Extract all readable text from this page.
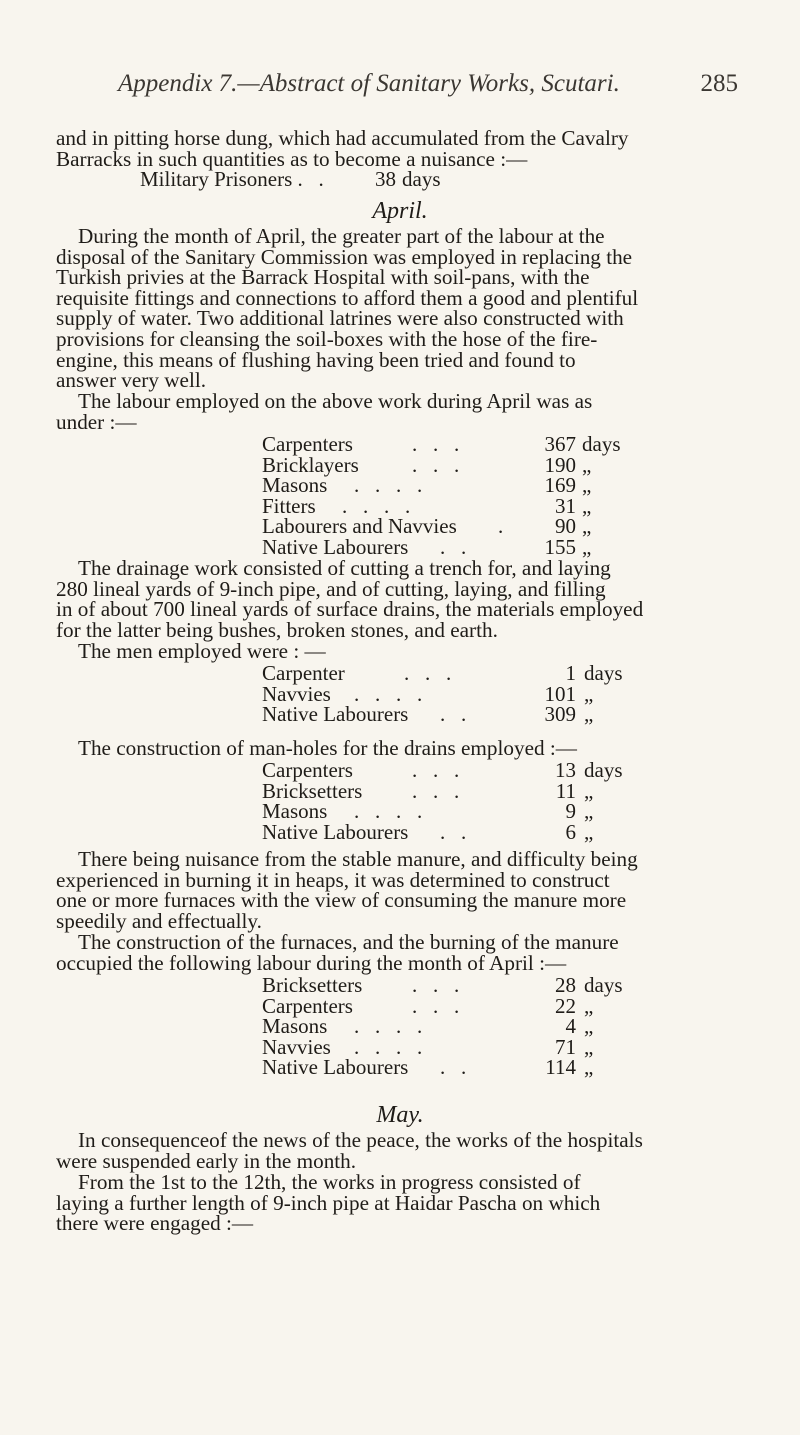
Appendix 7.—Abstract of Sanitary Works, Scutari.	285
and in pitting horse dung, which had accumulated from the Cavalry
Barracks in such quantities as to become a nuisance :—
Military Prisoners .   .	38 days
April.
During the month of April, the greater part of the labour at the
disposal of the Sanitary Commission was employed in replacing the
Turkish privies at the Barrack Hospital with soil-pans, with the
requisite fittings and connections to afford them a good and plentiful
supply of water. Two additional latrines were also constructed with
provisions for cleansing the soil-boxes with the hose of the fire-
engine, this means of flushing having been tried and found to
answer very well.
The labour employed on the above work during April was as
under :—
Carpenters	.   .   .	367 days
Bricklayers	.   .   .	190 „
Masons .   .   .   .	169 „
Fitters .   .   .   .	31 „
Labourers and Navvies .	90 „
Native Labourers .   .	155 „
The drainage work consisted of cutting a trench for, and laying
280 lineal yards of 9-inch pipe, and of cutting, laying, and filling
in of about 700 lineal yards of surface drains, the materials employed
for the latter being bushes, broken stones, and earth.
The men employed were : —
Carpenter	.   .   .	1 days
Navvies .   .   .   .	101 „
Native Labourers .   .	309 „
The construction of man-holes for the drains employed :—
Carpenters	.   .   .	13 days
Bricksetters .   .   .	11 „
Masons .   .   .   .	9 „
Native Labourers .   .	6 „
There being nuisance from the stable manure, and difficulty being
experienced in burning it in heaps, it was determined to construct
one or more furnaces with the view of consuming the manure more
speedily and effectually.
The construction of the furnaces, and the burning of the manure
occupied the following labour during the month of April :—
Bricksetters .   .   .	28 days
Carpenters	.   .   .	22 „
Masons .   .   .   .	4 „
Navvies .   .   .   .	71 „
Native Labourers .   .	114 „
May.
In consequenceof the news of the peace, the works of the hospitals
were suspended early in the month.
From the 1st to the 12th, the works in progress consisted of
laying a further length of 9-inch pipe at Haidar Pascha on which
there were engaged :—
